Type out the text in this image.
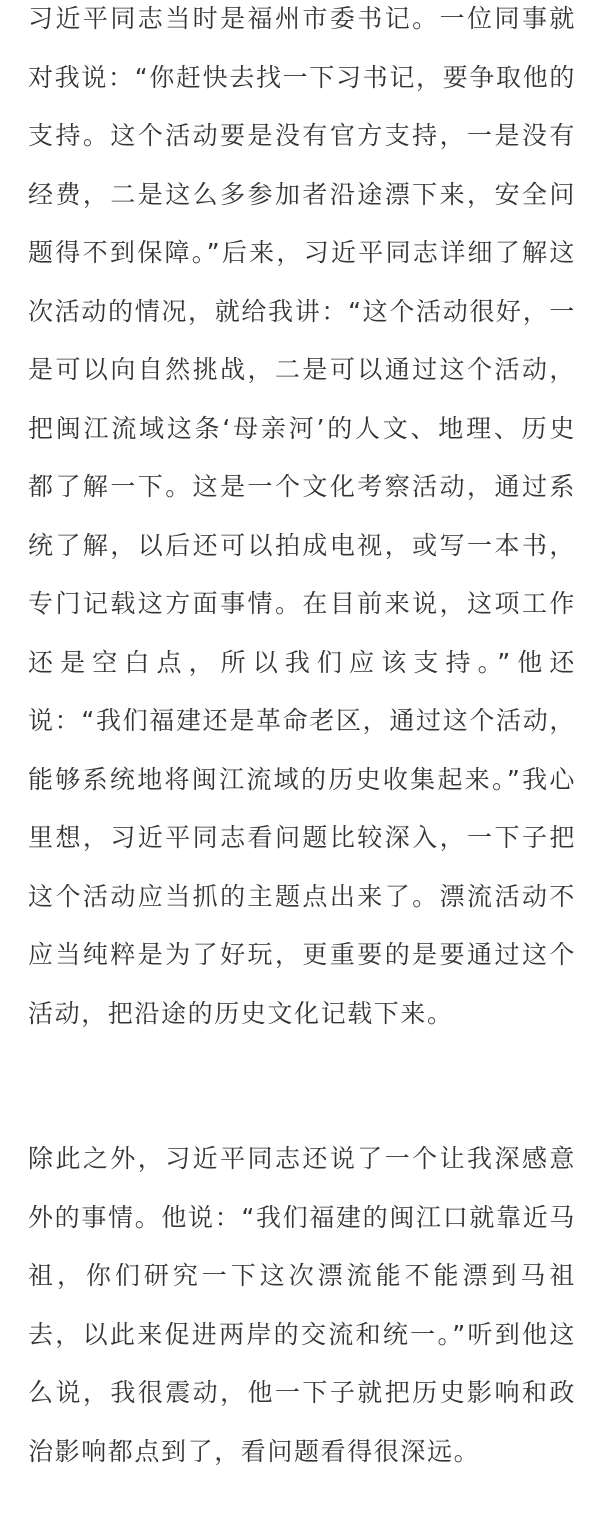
习近平同志当时是福州市委书记。一位同事就对我说：“你赶快去找一下习书记，要争取他的支持。这个活动要是没有官方支持，一是没有经费，二是这么多参加者沿途漂下来，安全问题得不到保障。”后来，习近平同志详细了解这次活动的情况，就给我讲：“这个活动很好，一是可以向自然挑战，二是可以通过这个活动，把闽江流域这条‘母亲河’的人文、地理、历史都了解一下。这是一个文化考察活动，通过系统了解，以后还可以拍成电视，或写一本书，专门记载这方面事情。在目前来说，这项工作还是空白点，所以我们应该支持。”他还说：“我们福建还是革命老区，通过这个活动，能够系统地将闽江流域的历史收集起来。”我心里想，习近平同志看问题比较深入，一下子把这个活动应当抓的主题点出来了。漂流活动不应当纯粹是为了好玩，更重要的是要通过这个活动，把沿途的历史文化记载下来。

除此之外，习近平同志还说了一个让我深感意外的事情。他说：“我们福建的闽江口就靠近马祖，你们研究一下这次漂流能不能漂到马祖去，以此来促进两岸的交流和统一。”听到他这么说，我很震动，他一下子就把历史影响和政治影响都点到了，看问题看得很深远。
